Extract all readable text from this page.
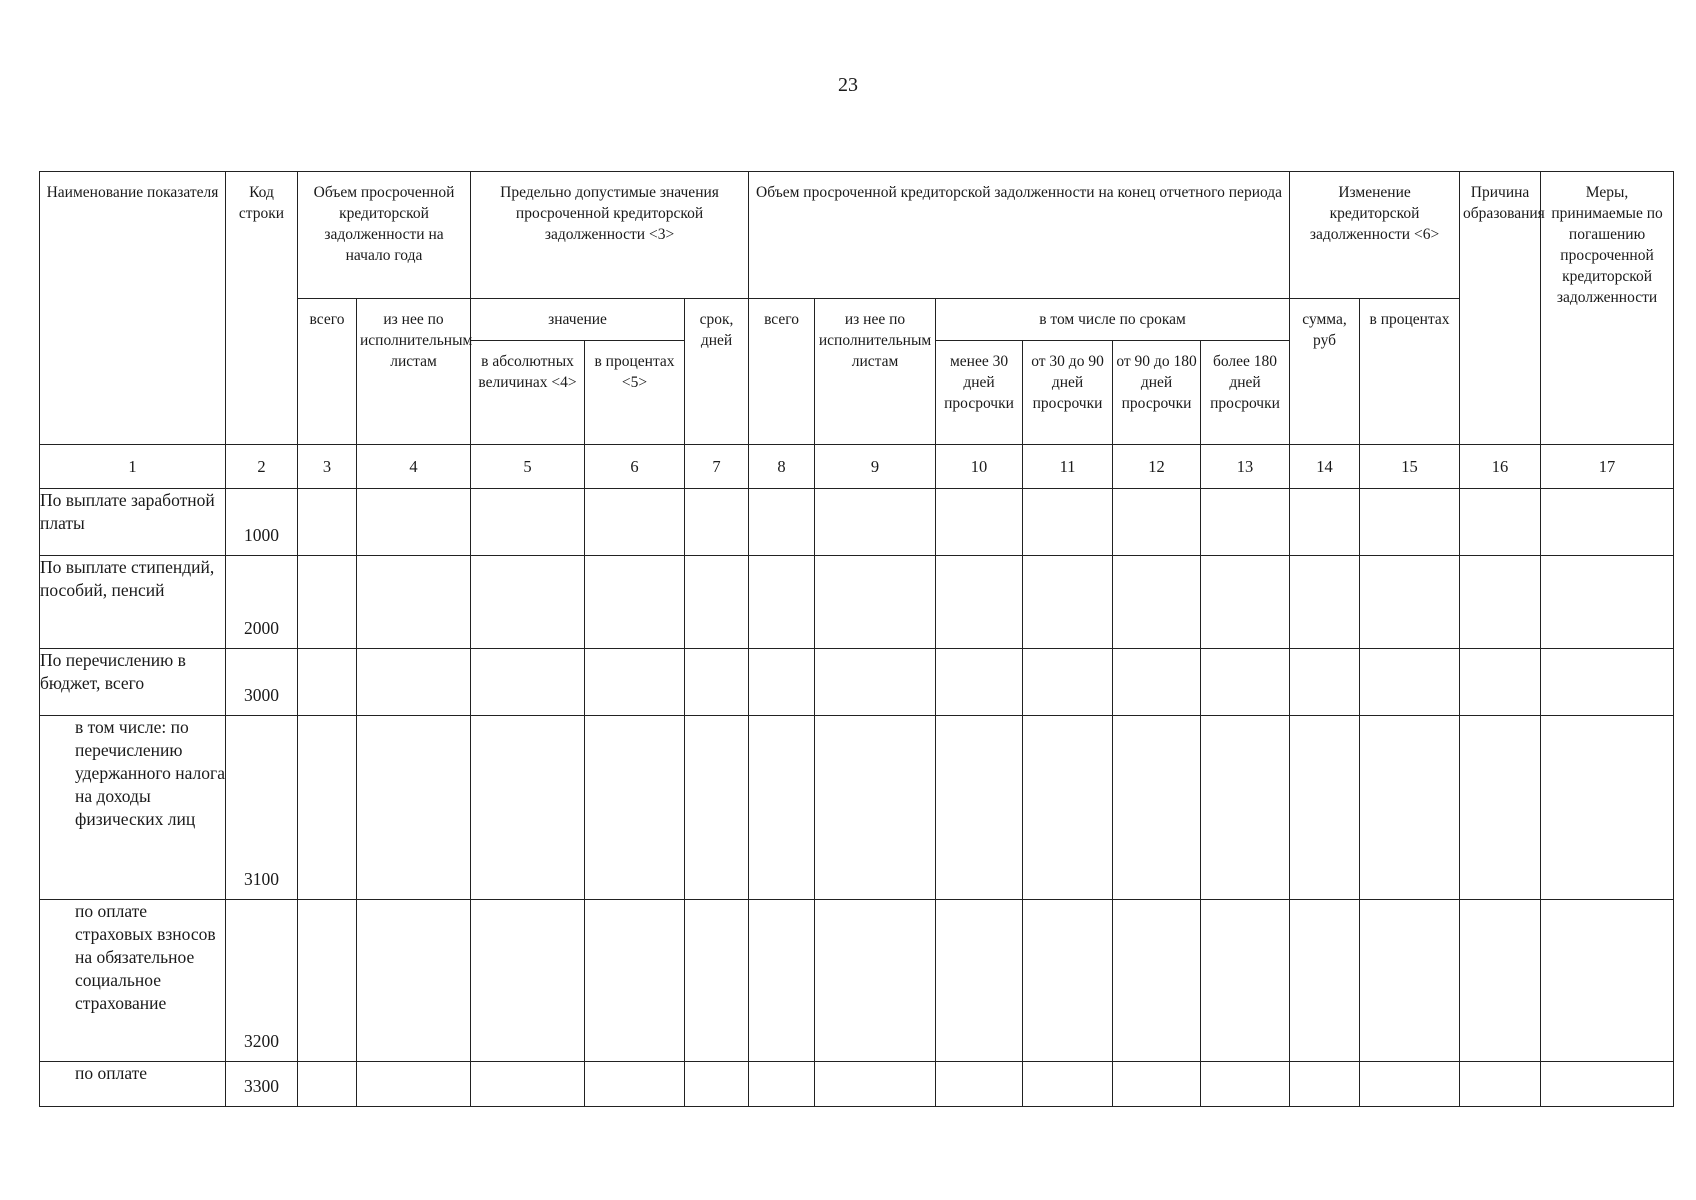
23
Наименование показателя	Код строки	Объем просроченной кредиторской задолженности на начало года		Предельно допустимые значения просроченной кредиторской задолженности <3>			Объем просроченной кредиторской задолженности на конец отчетного периода						Изменение кредиторской задолженности <6>		Причина образования	Меры, принимаемые по погашению просроченной кредиторской задолженности
		всего	из нее по исполнительным листам	значение		срок, дней	всего	из нее по исполнительным листам	в том числе по срокам				сумма, руб	в процентах		
				в абсолютных величинах <4>	в процентах <5>				менее 30 дней просрочки	от 30 до 90 дней просрочки	от 90 до 180 дней просрочки	более 180 дней просрочки				
1	2	3	4	5	6	7	8	9	10	11	12	13	14	15	16	17
По выплате заработной платы	1000															
По выплате стипендий, пособий, пенсий	2000															
По перечислению в бюджет, всего	3000															
в том числе: по перечислению удержанного налога на доходы физических лиц	3100															
по оплате страховых взносов на обязательное социальное страхование	3200															
по оплате	3300															
